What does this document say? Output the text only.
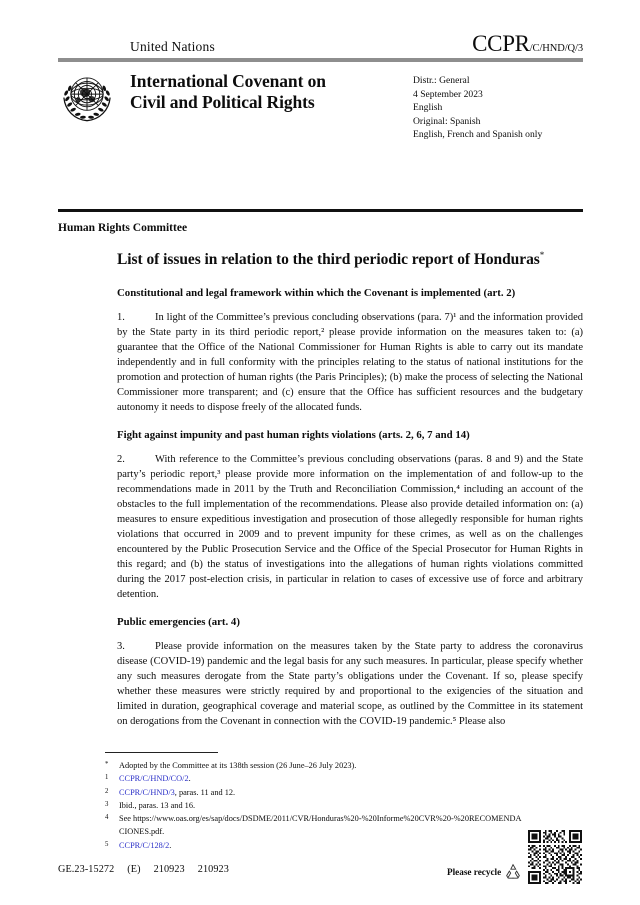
United Nations	CCPR/C/HND/Q/3
International Covenant on
Civil and Political Rights
Distr.: General
4 September 2023
English
Original: Spanish
English, French and Spanish only
Human Rights Committee
List of issues in relation to the third periodic report of Honduras*
Constitutional and legal framework within which the Covenant is implemented (art. 2)

1.	In light of the Committee’s previous concluding observations (para. 7)¹ and the information provided by the State party in its third periodic report,² please provide information on the measures taken to: (a) guarantee that the Office of the National Commissioner for Human Rights is able to carry out its mandate independently and in full conformity with the principles relating to the status of national institutions for the promotion and protection of human rights (the Paris Principles); (b) make the process of selecting the National Commissioner more transparent; and (c) ensure that the Office has sufficient resources and the budgetary autonomy it needs to dispose freely of the allocated funds.

Fight against impunity and past human rights violations (arts. 2, 6, 7 and 14)

2.	With reference to the Committee’s previous concluding observations (paras. 8 and 9) and the State party’s periodic report,³ please provide more information on the implementation of and follow-up to the recommendations made in 2011 by the Truth and Reconciliation Commission,⁴ including an account of the obstacles to the full implementation of the recommendations. Please also provide detailed information on: (a) measures to ensure expeditious investigation and prosecution of those allegedly responsible for human rights violations that occurred in 2009 and to prevent impunity for these crimes, as well as on the challenges encountered by the Public Prosecution Service and the Office of the Special Prosecutor for Human Rights in this regard; and (b) the status of investigations into the allegations of human rights violations committed during the 2017 post-election crisis, in particular in relation to cases of excessive use of force and arbitrary detention.

Public emergencies (art. 4)

3.	Please provide information on the measures taken by the State party to address the coronavirus disease (COVID-19) pandemic and the legal basis for any such measures. In particular, please specify whether any such measures derogate from the State party’s obligations under the Covenant. If so, please specify whether these measures were strictly required by and proportional to the exigencies of the situation and limited in duration, geographical coverage and material scope, as outlined by the Committee in its statement on derogations from the Covenant in connection with the COVID-19 pandemic.⁵ Please also

*	Adopted by the Committee at its 138th session (26 June–26 July 2023).
1	CCPR/C/HND/CO/2.
2	CCPR/C/HND/3, paras. 11 and 12.
3	Ibid., paras. 13 and 16.
4	See https://www.oas.org/es/sap/docs/DSDME/2011/CVR/Honduras%20-%20Informe%20CVR%20-%20RECOMENDACIONES.pdf.
5	CCPR/C/128/2.
GE.23-15272 (E) 210923 210923	Please recycle
